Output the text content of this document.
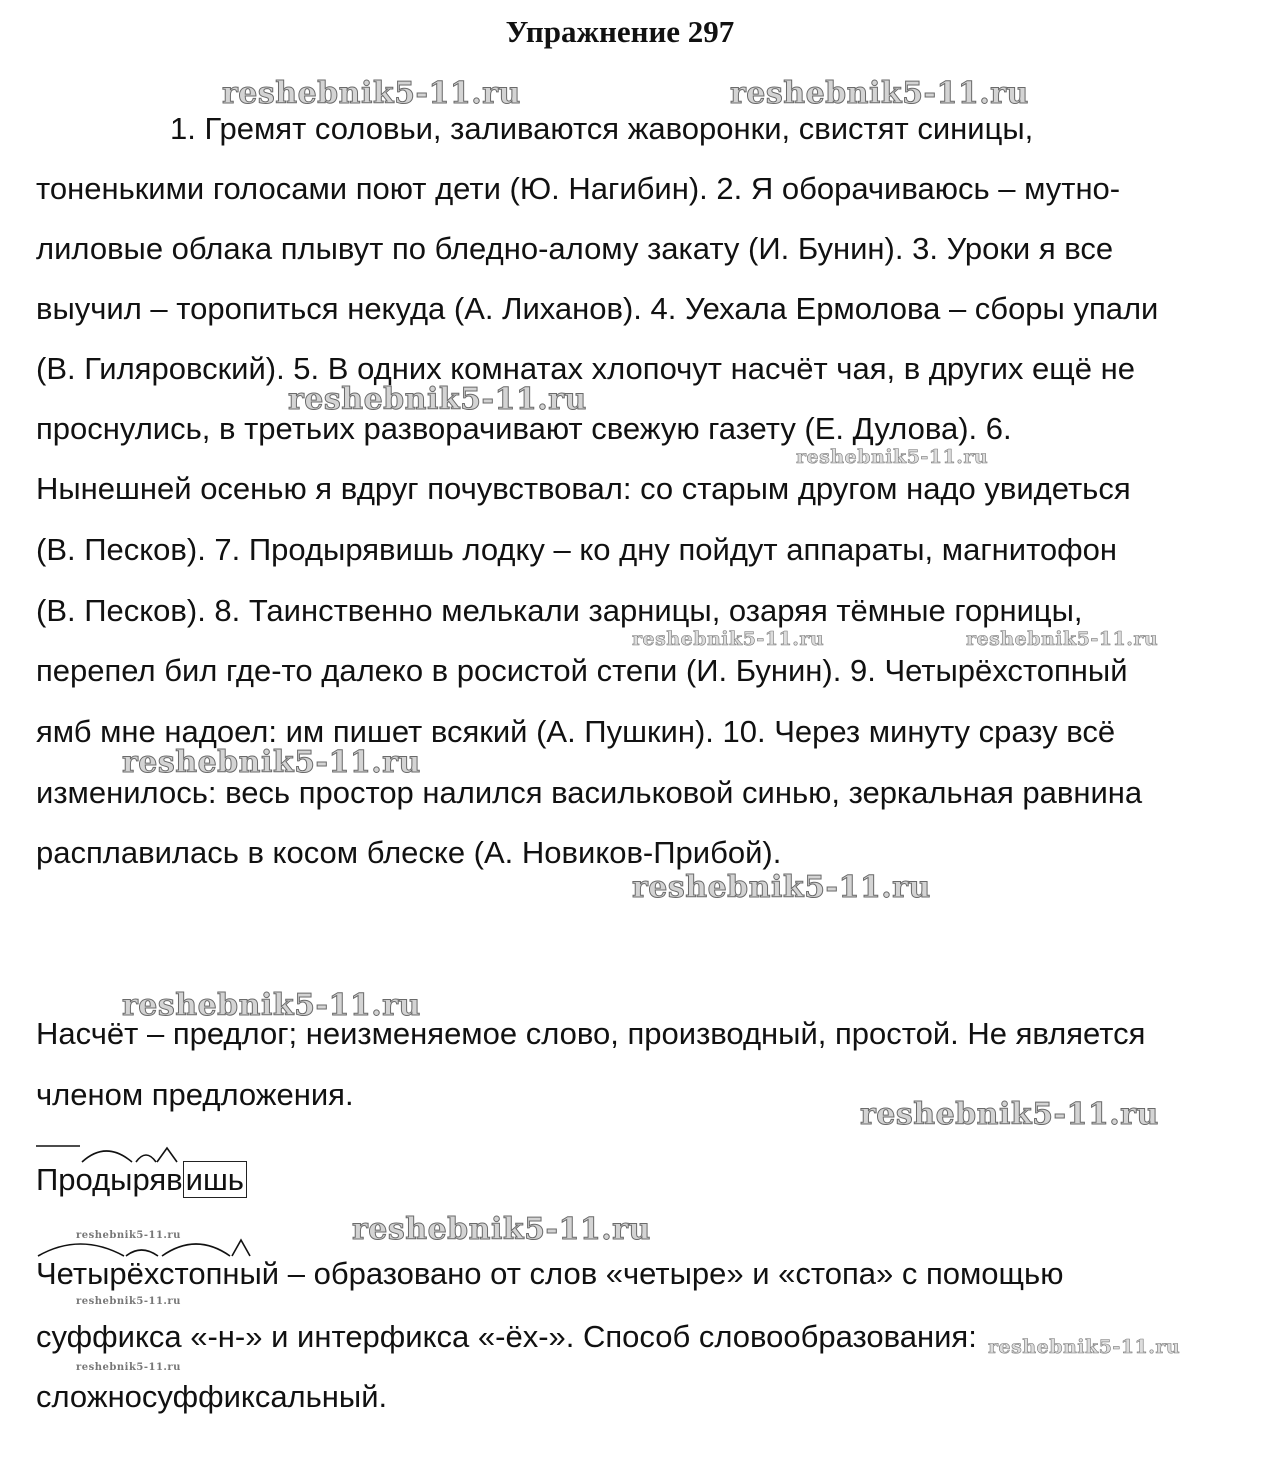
Упражнение 297
1. Гремят соловьи, заливаются жаворонки, свистят синицы,
тоненькими голосами поют дети (Ю. Нагибин). 2. Я оборачиваюсь – мутно-
лиловые облака плывут по бледно-алому закату (И. Бунин). 3. Уроки я все
выучил – торопиться некуда (А. Лиханов). 4. Уехала Ермолова – сборы упали
(В. Гиляровский). 5. В одних комнатах хлопочут насчёт чая, в других ещё не
проснулись, в третьих разворачивают свежую газету (Е. Дулова). 6.
Нынешней осенью я вдруг почувствовал: со старым другом надо увидеться
(В. Песков). 7. Продырявишь лодку – ко дну пойдут аппараты, магнитофон
(В. Песков). 8. Таинственно мелькали зарницы, озаряя тёмные горницы,
перепел бил где-то далеко в росистой степи (И. Бунин). 9. Четырёхстопный
ямб мне надоел: им пишет всякий (А. Пушкин). 10. Через минуту сразу всё
изменилось: весь простор налился васильковой синью, зеркальная равнина
расплавилась в косом блеске (А. Новиков-Прибой).
Насчёт – предлог; неизменяемое слово, производный, простой. Не является
членом предложения.
Продырявишь
Четырёхстопный – образовано от слов «четыре» и «стопа» с помощью
суффикса «-н-» и интерфикса «-ёх-». Способ словообразования:
сложносуффиксальный.
reshebnik5-11.ru	reshebnik5-11.ru
reshebnik5-11.ru
reshebnik5-11.ru
reshebnik5-11.ru	reshebnik5-11.ru
reshebnik5-11.ru
reshebnik5-11.ru
reshebnik5-11.ru
reshebnik5-11.ru
reshebnik5-11.ru
reshebnik5-11.ru
reshebnik5-11.ru
reshebnik5-11.ru
reshebnik5-11.ru
